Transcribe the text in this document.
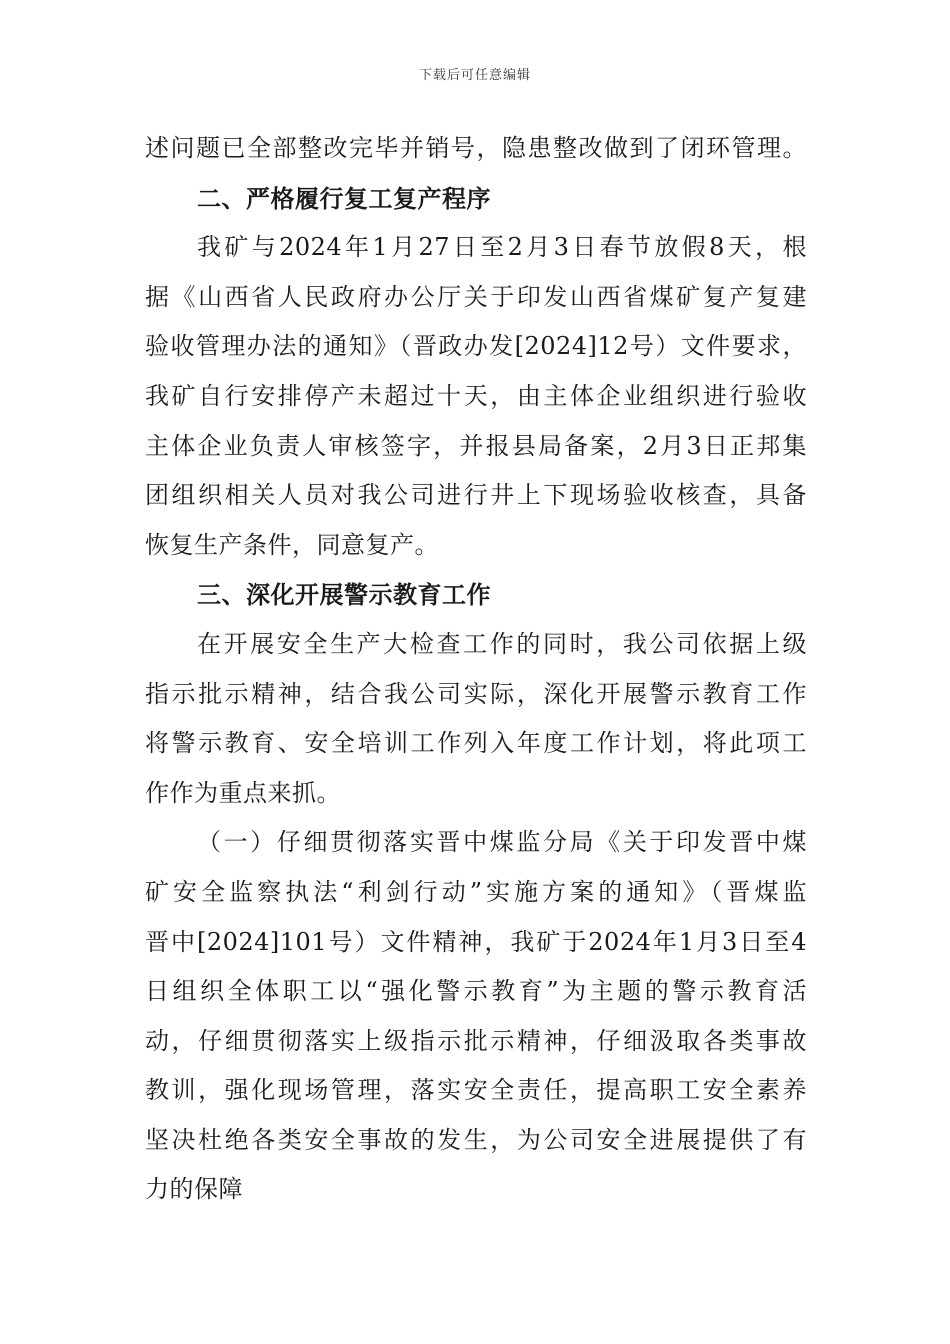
下载后可任意编辑
述问题已全部整改完毕并销号，隐患整改做到了闭环管理。
二、严格履行复工复产程序
我矿与2024年1月27日至2月3日春节放假8天，根
据《山西省人民政府办公厅关于印发山西省煤矿复产复建
验收管理办法的通知》（晋政办发[2024]12号）文件要求，
我矿自行安排停产未超过十天，由主体企业组织进行验收
主体企业负责人审核签字，并报县局备案，2月3日正邦集
团组织相关人员对我公司进行井上下现场验收核查，具备
恢复生产条件，同意复产。
三、深化开展警示教育工作
在开展安全生产大检查工作的同时，我公司依据上级
指示批示精神，结合我公司实际，深化开展警示教育工作
将警示教育、安全培训工作列入年度工作计划，将此项工
作作为重点来抓。
（一）仔细贯彻落实晋中煤监分局《关于印发晋中煤
矿安全监察执法“利剑行动”实施方案的通知》（晋煤监
晋中[2024]101号）文件精神，我矿于2024年1月3日至4
日组织全体职工以“强化警示教育”为主题的警示教育活
动，仔细贯彻落实上级指示批示精神，仔细汲取各类事故
教训，强化现场管理，落实安全责任，提高职工安全素养
坚决杜绝各类安全事故的发生，为公司安全进展提供了有
力的保障
